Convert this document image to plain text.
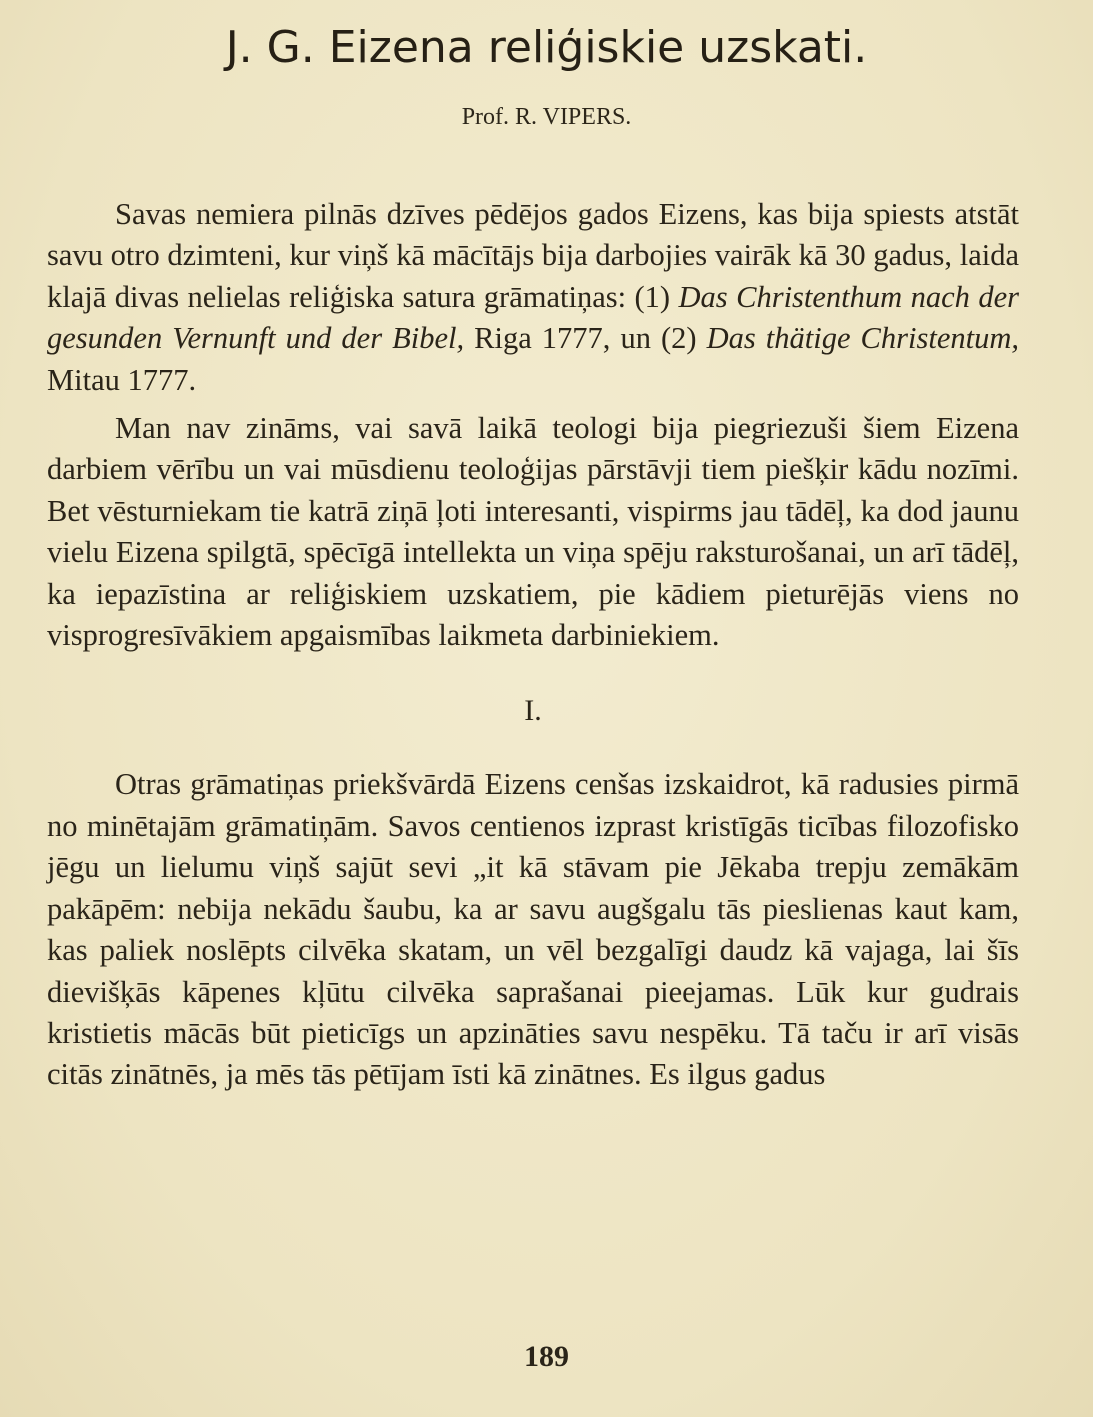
J. G. Eizena reliģiskie uzskati.

Prof. R. VIPERS.

Savas nemiera pilnās dzīves pēdējos gados Eizens, kas bija spiests atstāt savu otro dzimteni, kur viņš kā mācītājs bija darbojies vairāk kā 30 gadus, laida klajā divas nelielas reliģiska satura grāmatiņas: (1) Das Christenthum nach der gesunden Vernunft und der Bibel, Riga 1777, un (2) Das thätige Christentum, Mitau 1777.

Man nav zināms, vai savā laikā teologi bija piegriezuši šiem Eizena darbiem vērību un vai mūsdienu teoloģijas pārstāvji tiem piešķir kādu nozīmi. Bet vēsturniekam tie katrā ziņā ļoti interesanti, vispirms jau tādēļ, ka dod jaunu vielu Eizena spilgtā, spēcīgā intellekta un viņa spēju raksturošanai, un arī tādēļ, ka iepazīstina ar reliģiskiem uzskatiem, pie kādiem pieturējās viens no visprogresīvākiem apgaismības laikmeta darbiniekiem.

I.

Otras grāmatiņas priekšvārdā Eizens cenšas izskaidrot, kā radusies pirmā no minētajām grāmatiņām. Savos centienos izprast kristīgās ticības filozofisko jēgu un lielumu viņš sajūt sevi „it kā stāvam pie Jēkaba trepju zemākām pakāpēm: nebija nekādu šaubu, ka ar savu augšgalu tās pieslienas kaut kam, kas paliek noslēpts cilvēka skatam, un vēl bezgalīgi daudz kā vajaga, lai šīs dievišķās kāpenes kļūtu cilvēka saprašanai pieejamas. Lūk kur gudrais kristietis mācās būt pieticīgs un apzināties savu nespēku. Tā taču ir arī visās citās zinātnēs, ja mēs tās pētījam īsti kā zinātnes. Es ilgus gadus

189
